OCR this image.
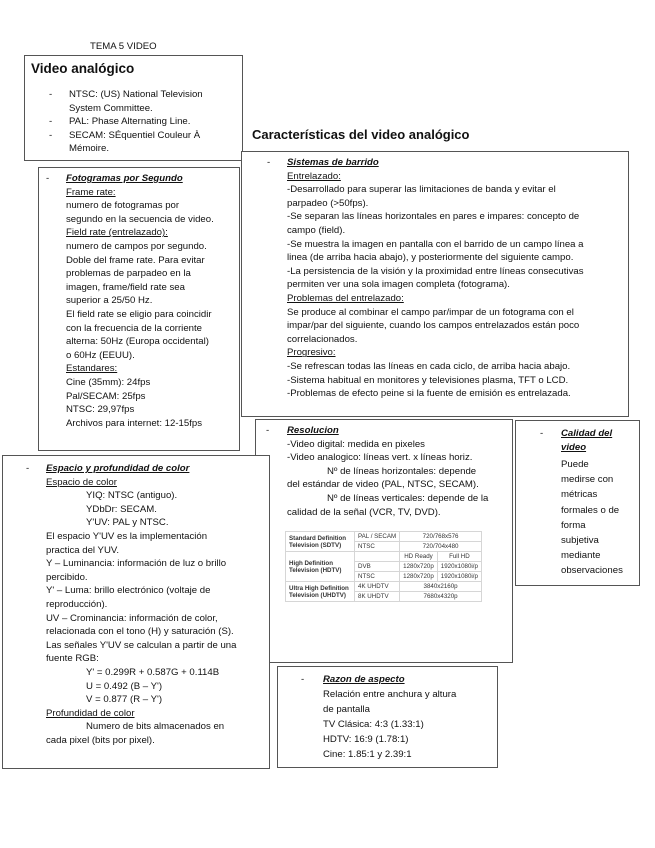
TEMA 5 VIDEO
Video analógico
- NTSC: (US) National Television
System Committee.
- PAL: Phase Alternating Line.
- SECAM: SÉquentiel Couleur À
Mémoire.
Características del video analógico
- Fotogramas por Segundo
Frame rate:
numero de fotogramas por
segundo en la secuencia de video.
Field rate (entrelazado):
numero de campos por segundo.
Doble del frame rate. Para evitar
problemas de parpadeo en la
imagen, frame/field rate sea
superior a 25/50 Hz.
El field rate se eligio para coincidir
con la frecuencia de la corriente
alterna: 50Hz (Europa occidental)
o 60Hz (EEUU).
Estandares:
Cine (35mm): 24fps
Pal/SECAM: 25fps
NTSC: 29,97fps
Archivos para internet: 12-15fps
- Sistemas de barrido
Entrelazado:
-Desarrollado para superar las limitaciones de banda y evitar el
parpadeo (>50fps).
-Se separan las líneas horizontales en pares e impares: concepto de
campo (field).
-Se muestra la imagen en pantalla con el barrido de un campo línea a
linea (de arriba hacia abajo), y posteriormente del siguiente campo.
-La persistencia de la visión y la proximidad entre líneas consecutivas
permiten ver una sola imagen completa (fotograma).
Problemas del entrelazado:
Se produce al combinar el campo par/impar de un fotograma con el
impar/par del siguiente, cuando los campos entrelazados están poco
correlacionados.
Progresivo:
-Se refrescan todas las líneas en cada ciclo, de arriba hacia abajo.
-Sistema habitual en monitores y televisiones plasma, TFT o LCD.
-Problemas de efecto peine si la fuente de emisión es entrelazada.
- Resolucion
-Video digital: medida en pixeles
-Video analogico: líneas vert. x líneas horiz.
Nº de líneas horizontales: depende
del estándar de video (PAL, NTSC, SECAM).
Nº de líneas verticales: depende de la
calidad de la señal (VCR, TV, DVD).
Standard Definition Television (SDTV)	PAL / SECAM	720/768x576	
	NTSC	720/704x480	
High Definition Television (HDTV)		HD Ready	Full HD
	DVB	1280x720p	1920x1080i/p
	NTSC	1280x720p	1920x1080i/p
Ultra High Definition Television (UHDTV)	4K UHDTV	3840x2160p	
	8K UHDTV	7680x4320p	
- Calidad del
video
Puede
medirse con
métricas
formales o de
forma
subjetiva
mediante
observaciones
- Espacio y profundidad de color
Espacio de color
YIQ: NTSC (antiguo).
YDbDr: SECAM.
Y'UV: PAL y NTSC.
El espacio Y'UV es la implementación
practica del YUV.
Y – Luminancia: información de luz o brillo
percibido.
Y' – Luma: brillo electrónico (voltaje de
reproducción).
UV – Crominancia: información de color,
relacionada con el tono (H) y saturación (S).
Las señales Y'UV se calculan a partir de una
fuente RGB:
Y' = 0.299R + 0.587G + 0.114B
U = 0.492 (B – Y')
V = 0.877 (R – Y')
Profundidad de color
Numero de bits almacenados en
cada pixel (bits por pixel).
- Razon de aspecto
Relación entre anchura y altura
de pantalla
TV Clásica: 4:3 (1.33:1)
HDTV: 16:9 (1.78:1)
Cine: 1.85:1 y 2.39:1
